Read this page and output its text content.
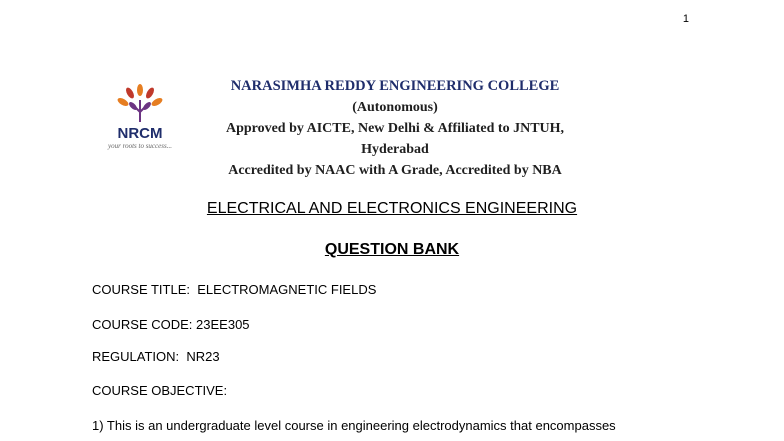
1
NRCM
your roots to success...
NARASIMHA REDDY ENGINEERING COLLEGE
(Autonomous)
Approved by AICTE, New Delhi & Affiliated to JNTUH, Hyderabad
Accredited by NAAC with A Grade, Accredited by NBA
ELECTRICAL AND ELECTRONICS ENGINEERING
QUESTION BANK
COURSE TITLE: ELECTROMAGNETIC FIELDS
COURSE CODE: 23EE305
REGULATION: NR23
COURSE OBJECTIVE:
1) This is an undergraduate level course in engineering electrodynamics that encompasses
